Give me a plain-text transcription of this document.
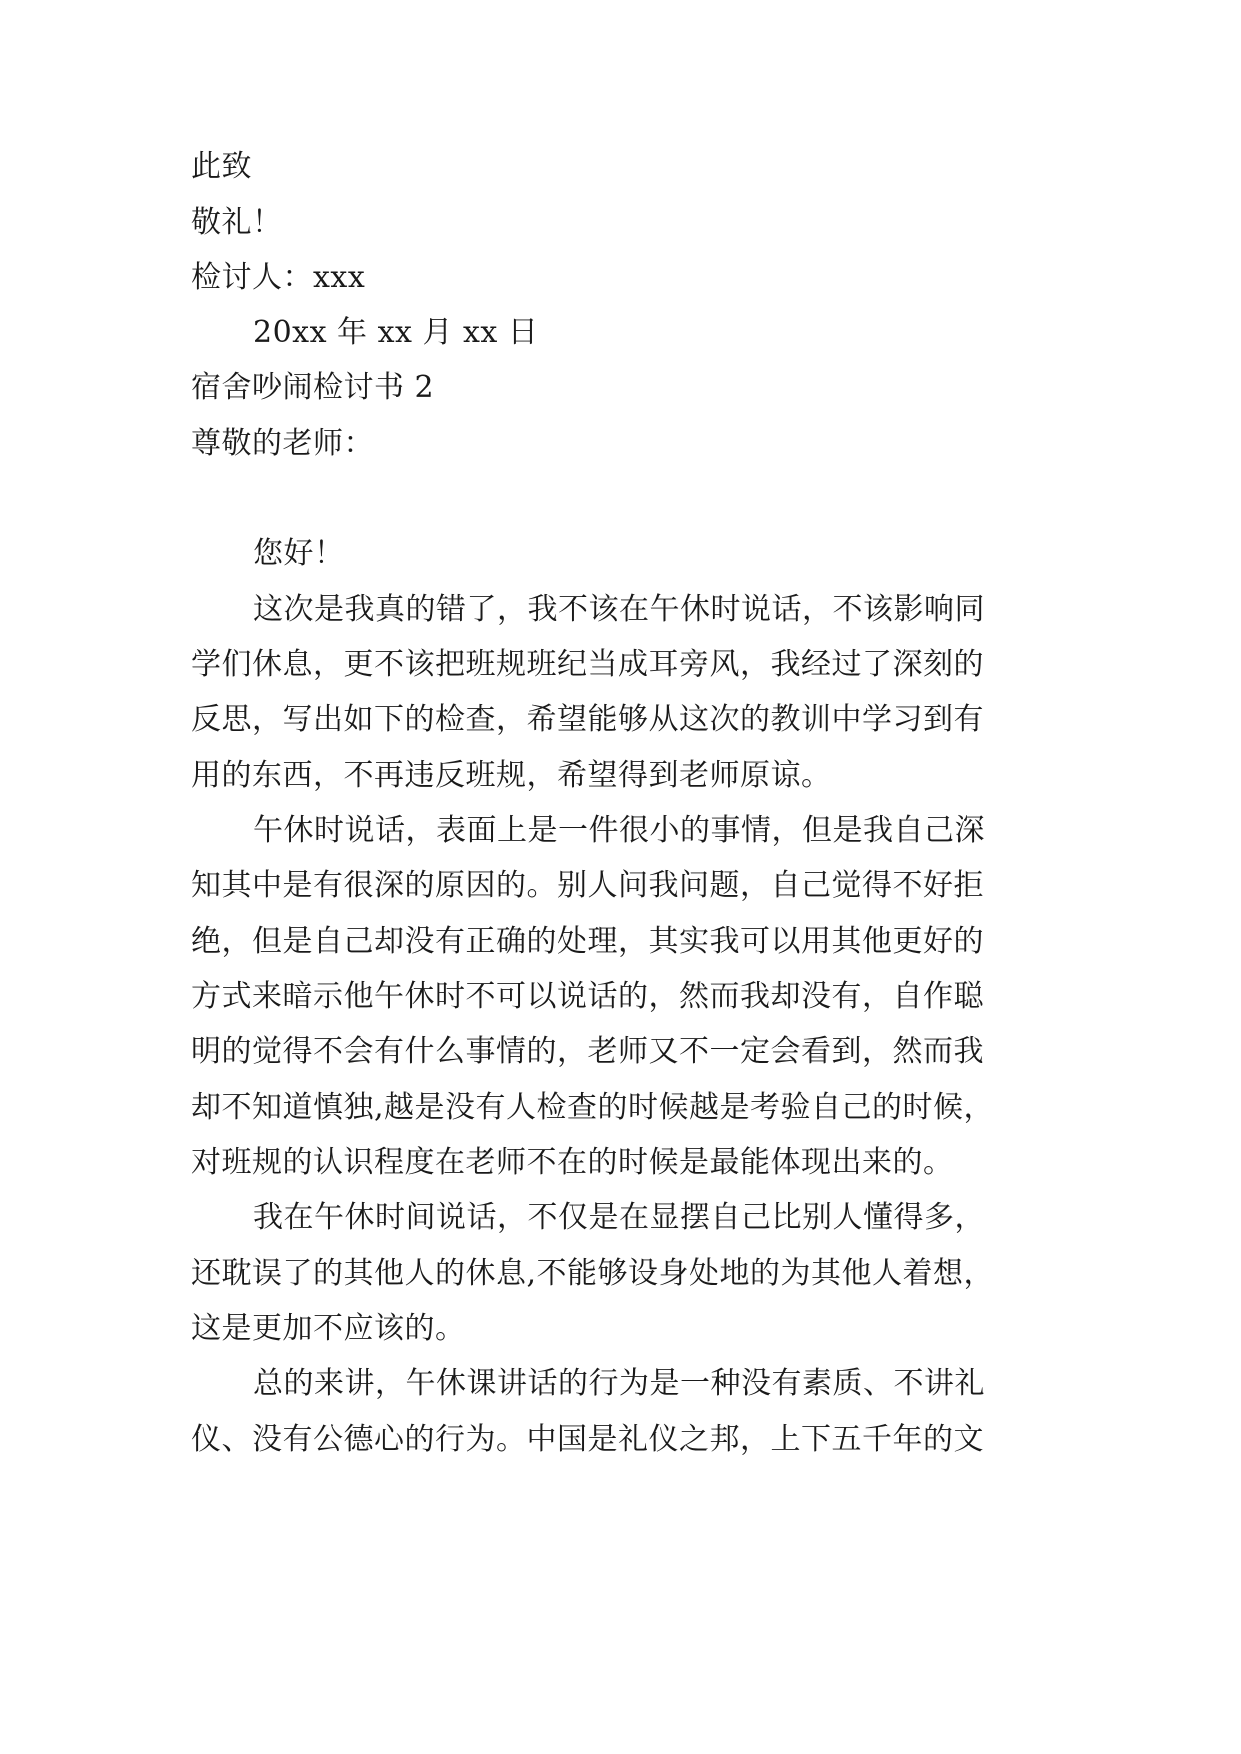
此致
敬礼！
检讨人：xxx
20xx 年 xx 月 xx 日
宿舍吵闹检讨书 2
尊敬的老师：
您好！
这次是我真的错了，我不该在午休时说话，不该影响同
学们休息，更不该把班规班纪当成耳旁风，我经过了深刻的
反思，写出如下的检查，希望能够从这次的教训中学习到有
用的东西，不再违反班规，希望得到老师原谅。
午休时说话，表面上是一件很小的事情，但是我自己深
知其中是有很深的原因的。别人问我问题，自己觉得不好拒
绝，但是自己却没有正确的处理，其实我可以用其他更好的
方式来暗示他午休时不可以说话的，然而我却没有，自作聪
明的觉得不会有什么事情的，老师又不一定会看到，然而我
却不知道慎独,越是没有人检查的时候越是考验自己的时候，
对班规的认识程度在老师不在的时候是最能体现出来的。
我在午休时间说话，不仅是在显摆自己比别人懂得多，
还耽误了的其他人的休息,不能够设身处地的为其他人着想，
这是更加不应该的。
总的来讲，午休课讲话的行为是一种没有素质、不讲礼
仪、没有公德心的行为。中国是礼仪之邦，上下五千年的文
